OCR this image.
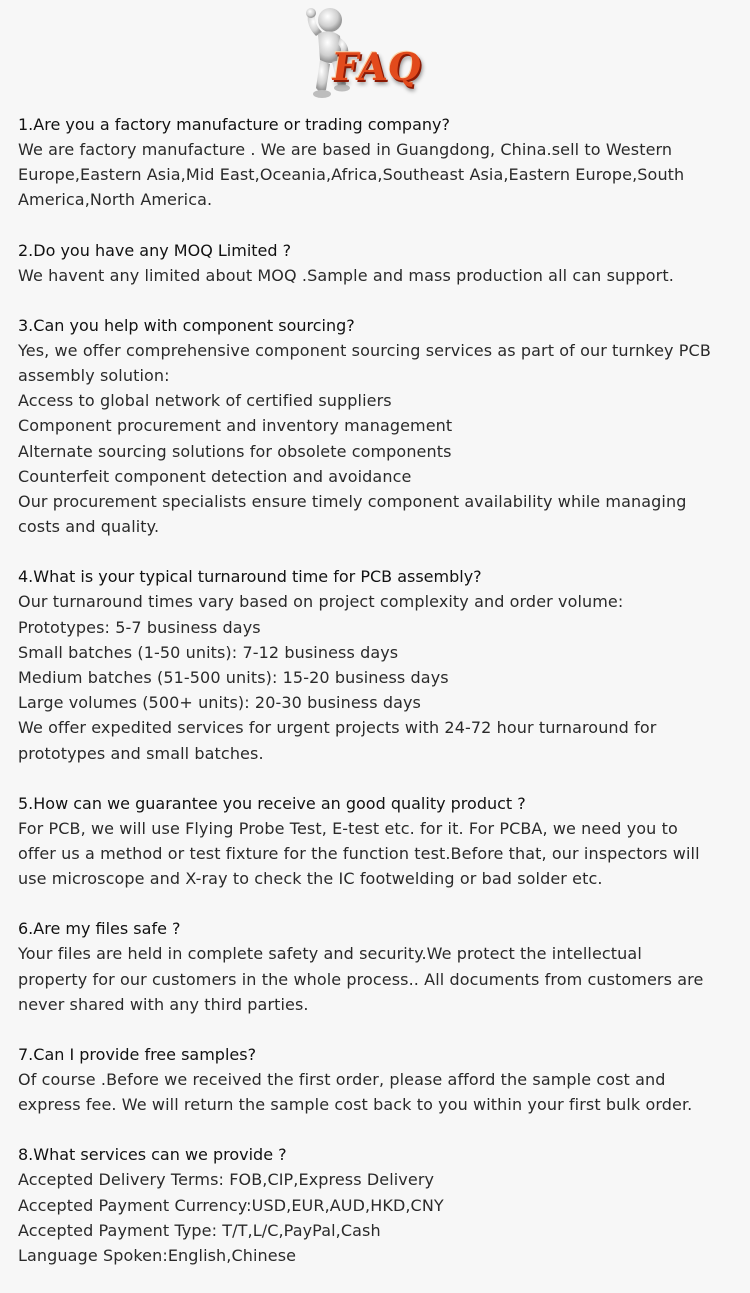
FAQ
1.Are you a factory manufacture or trading company?
We are factory manufacture . We are based in Guangdong, China.sell to Western
Europe,Eastern Asia,Mid East,Oceania,Africa,Southeast Asia,Eastern Europe,South
America,North America.
2.Do you have any MOQ Limited ?
We havent any limited about MOQ .Sample and mass production all can support.
3.Can you help with component sourcing?
Yes, we offer comprehensive component sourcing services as part of our turnkey PCB
assembly solution:
Access to global network of certified suppliers
Component procurement and inventory management
Alternate sourcing solutions for obsolete components
Counterfeit component detection and avoidance
Our procurement specialists ensure timely component availability while managing
costs and quality.
4.What is your typical turnaround time for PCB assembly?
Our turnaround times vary based on project complexity and order volume:
Prototypes: 5-7 business days
Small batches (1-50 units): 7-12 business days
Medium batches (51-500 units): 15-20 business days
Large volumes (500+ units): 20-30 business days
We offer expedited services for urgent projects with 24-72 hour turnaround for
prototypes and small batches.
5.How can we guarantee you receive an good quality product ?
For PCB, we will use Flying Probe Test, E-test etc. for it. For PCBA, we need you to
offer us a method or test fixture for the function test.Before that, our inspectors will
use microscope and X-ray to check the IC footwelding or bad solder etc.
6.Are my files safe ?
Your files are held in complete safety and security.We protect the intellectual
property for our customers in the whole process.. All documents from customers are
never shared with any third parties.
7.Can I provide free samples?
Of course .Before we received the first order, please afford the sample cost and
express fee. We will return the sample cost back to you within your first bulk order.
8.What services can we provide ?
Accepted Delivery Terms: FOB,CIP,Express Delivery
Accepted Payment Currency:USD,EUR,AUD,HKD,CNY
Accepted Payment Type: T/T,L/C,PayPal,Cash
Language Spoken:English,Chinese
